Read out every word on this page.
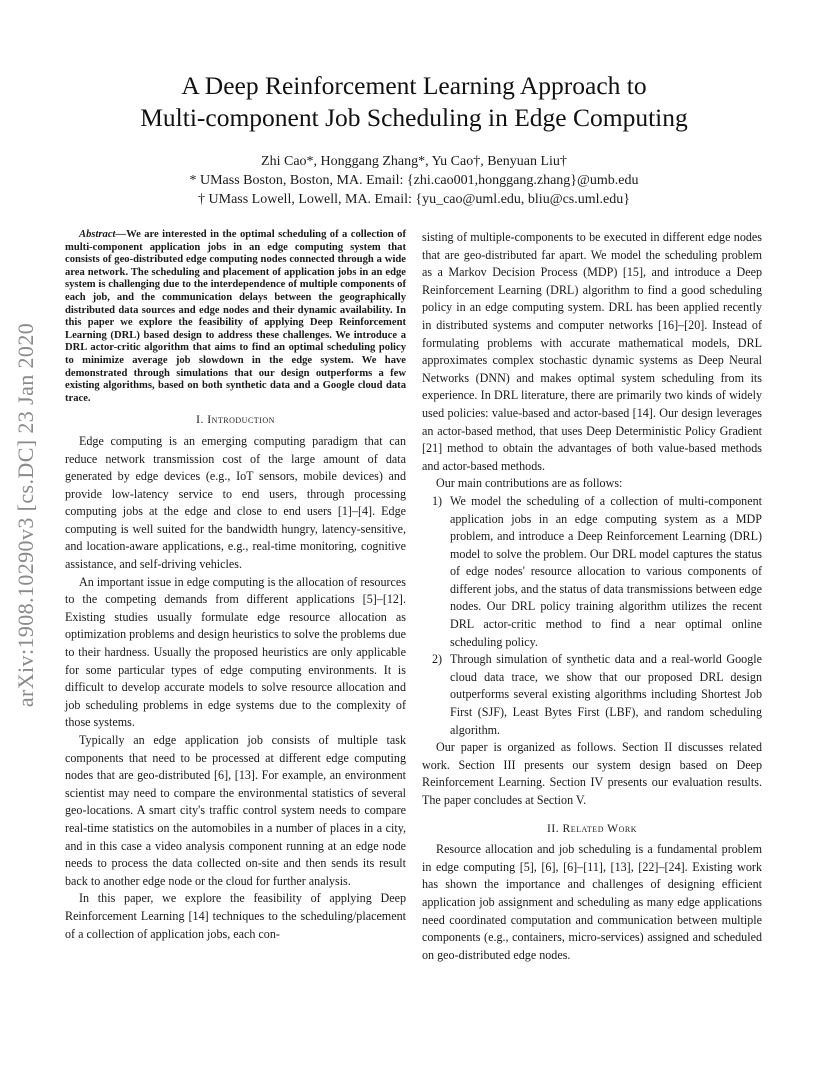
arXiv:1908.10290v3 [cs.DC] 23 Jan 2020
A Deep Reinforcement Learning Approach to
Multi-component Job Scheduling in Edge Computing
Zhi Cao*, Honggang Zhang*, Yu Cao†, Benyuan Liu†
* UMass Boston, Boston, MA. Email: {zhi.cao001,honggang.zhang}@umb.edu
† UMass Lowell, Lowell, MA. Email: {yu_cao@uml.edu, bliu@cs.uml.edu}

Abstract—We are interested in the optimal scheduling of a collection of multi-component application jobs in an edge computing system that consists of geo-distributed edge computing nodes connected through a wide area network. The scheduling and placement of application jobs in an edge system is challenging due to the interdependence of multiple components of each job, and the communication delays between the geographically distributed data sources and edge nodes and their dynamic availability. In this paper we explore the feasibility of applying Deep Reinforcement Learning (DRL) based design to address these challenges. We introduce a DRL actor-critic algorithm that aims to find an optimal scheduling policy to minimize average job slowdown in the edge system. We have demonstrated through simulations that our design outperforms a few existing algorithms, based on both synthetic data and a Google cloud data trace.

I. Introduction

Edge computing is an emerging computing paradigm that can reduce network transmission cost of the large amount of data generated by edge devices (e.g., IoT sensors, mobile devices) and provide low-latency service to end users, through processing computing jobs at the edge and close to end users [1]–[4]. Edge computing is well suited for the bandwidth hungry, latency-sensitive, and location-aware applications, e.g., real-time monitoring, cognitive assistance, and self-driving vehicles.

An important issue in edge computing is the allocation of resources to the competing demands from different applications [5]–[12]. Existing studies usually formulate edge resource allocation as optimization problems and design heuristics to solve the problems due to their hardness. Usually the proposed heuristics are only applicable for some particular types of edge computing environments. It is difficult to develop accurate models to solve resource allocation and job scheduling problems in edge systems due to the complexity of those systems.

Typically an edge application job consists of multiple task components that need to be processed at different edge computing nodes that are geo-distributed [6], [13]. For example, an environment scientist may need to compare the environmental statistics of several geo-locations. A smart city's traffic control system needs to compare real-time statistics on the automobiles in a number of places in a city, and in this case a video analysis component running at an edge node needs to process the data collected on-site and then sends its result back to another edge node or the cloud for further analysis.

In this paper, we explore the feasibility of applying Deep Reinforcement Learning [14] techniques to the scheduling/placement of a collection of application jobs, each con-

sisting of multiple-components to be executed in different edge nodes that are geo-distributed far apart. We model the scheduling problem as a Markov Decision Process (MDP) [15], and introduce a Deep Reinforcement Learning (DRL) algorithm to find a good scheduling policy in an edge computing system. DRL has been applied recently in distributed systems and computer networks [16]–[20]. Instead of formulating problems with accurate mathematical models, DRL approximates complex stochastic dynamic systems as Deep Neural Networks (DNN) and makes optimal system scheduling from its experience. In DRL literature, there are primarily two kinds of widely used policies: value-based and actor-based [14]. Our design leverages an actor-based method, that uses Deep Deterministic Policy Gradient [21] method to obtain the advantages of both value-based methods and actor-based methods.

Our main contributions are as follows:

1) We model the scheduling of a collection of multi-component application jobs in an edge computing system as a MDP problem, and introduce a Deep Reinforcement Learning (DRL) model to solve the problem. Our DRL model captures the status of edge nodes' resource allocation to various components of different jobs, and the status of data transmissions between edge nodes. Our DRL policy training algorithm utilizes the recent DRL actor-critic method to find a near optimal online scheduling policy.
2) Through simulation of synthetic data and a real-world Google cloud data trace, we show that our proposed DRL design outperforms several existing algorithms including Shortest Job First (SJF), Least Bytes First (LBF), and random scheduling algorithm.

Our paper is organized as follows. Section II discusses related work. Section III presents our system design based on Deep Reinforcement Learning. Section IV presents our evaluation results. The paper concludes at Section V.

II. Related Work

Resource allocation and job scheduling is a fundamental problem in edge computing [5], [6], [6]–[11], [13], [22]–[24]. Existing work has shown the importance and challenges of designing efficient application job assignment and scheduling as many edge applications need coordinated computation and communication between multiple components (e.g., containers, micro-services) assigned and scheduled on geo-distributed edge nodes.
